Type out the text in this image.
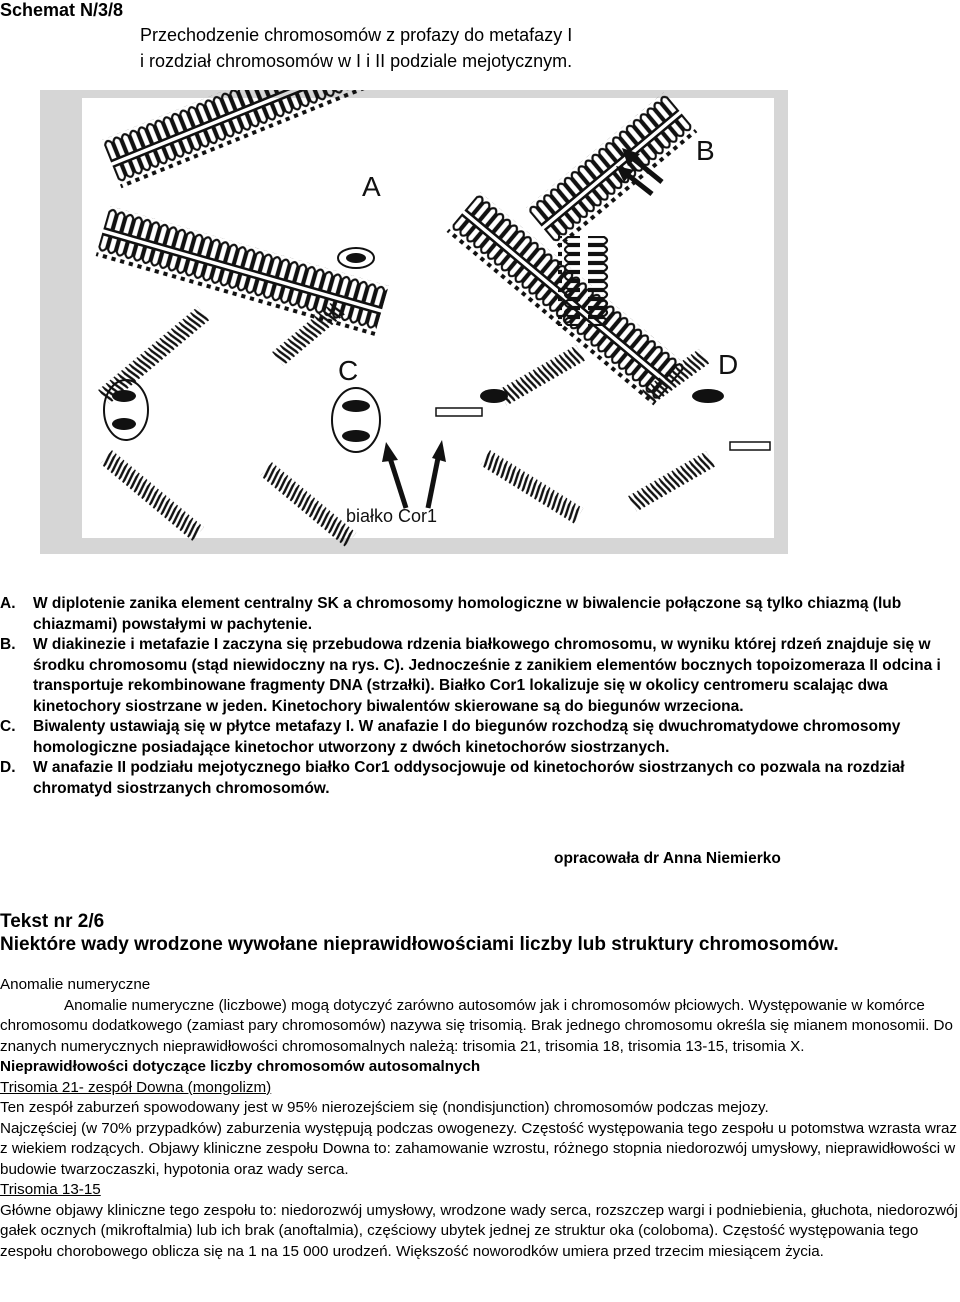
Schemat N/3/8
Przechodzenie chromosomów z profazy do metafazy I
i rozdział chromosomów w I i II podziale mejotycznym.
A
B
C
białko Cor1
D
A.	W diplotenie zanika element centralny SK a chromosomy homologiczne w biwalencie połączone są tylko chiazmą (lub chiazmami) powstałymi w pachytenie.
B.	W diakinezie i metafazie I zaczyna się przebudowa rdzenia białkowego chromosomu, w wyniku której rdzeń znajduje się w środku chromosomu (stąd niewidoczny na rys. C). Jednocześnie z zanikiem elementów bocznych topoizomeraza II odcina i transportuje rekombinowane fragmenty DNA (strzałki). Białko Cor1 lokalizuje się w okolicy centromeru scalając dwa kinetochory siostrzane w jeden. Kinetochory biwalentów skierowane są do biegunów wrzeciona.
C.	Biwalenty ustawiają się w płytce metafazy I. W anafazie I do biegunów rozchodzą się dwuchromatydowe chromosomy homologiczne posiadające kinetochor utworzony z dwóch kinetochorów siostrzanych.
D.	W anafazie II podziału mejotycznego białko Cor1 oddysocjowuje od kinetochorów siostrzanych co pozwala na rozdział chromatyd siostrzanych chromosomów.
opracowała dr Anna Niemierko
Tekst nr 2/6
Niektóre wady wrodzone wywołane nieprawidłowościami liczby lub struktury chromosomów.

Anomalie numeryczne

Anomalie numeryczne (liczbowe) mogą dotyczyć zarówno autosomów jak i chromosomów płciowych. Występowanie w komórce chromosomu dodatkowego (zamiast pary chromosomów) nazywa się trisomią. Brak jednego chromosomu określa się mianem monosomii. Do znanych numerycznych nieprawidłowości chromosomalnych należą: trisomia 21, trisomia 18, trisomia 13-15, trisomia X.

Nieprawidłowości dotyczące liczby chromosomów autosomalnych

Trisomia 21- zespół Downa (mongolizm)

Ten zespół zaburzeń spowodowany jest w 95% nierozejściem się (nondisjunction) chromosomów podczas mejozy.

Najczęściej (w 70% przypadków) zaburzenia występują podczas owogenezy. Częstość występowania tego zespołu u potomstwa wzrasta wraz z wiekiem rodzących. Objawy kliniczne zespołu Downa to: zahamowanie wzrostu, różnego stopnia niedorozwój umysłowy, nieprawidłowości w budowie twarzoczaszki, hypotonia oraz wady serca.

Trisomia 13-15

Główne objawy kliniczne tego zespołu to: niedorozwój umysłowy, wrodzone wady serca, rozszczep wargi i podniebienia, głuchota, niedorozwój gałek ocznych (mikroftalmia) lub ich brak (anoftalmia), częściowy ubytek jednej ze struktur oka (coloboma). Częstość występowania tego zespołu chorobowego oblicza się na 1 na 15 000 urodzeń. Większość noworodków umiera przed trzecim miesiącem życia.
